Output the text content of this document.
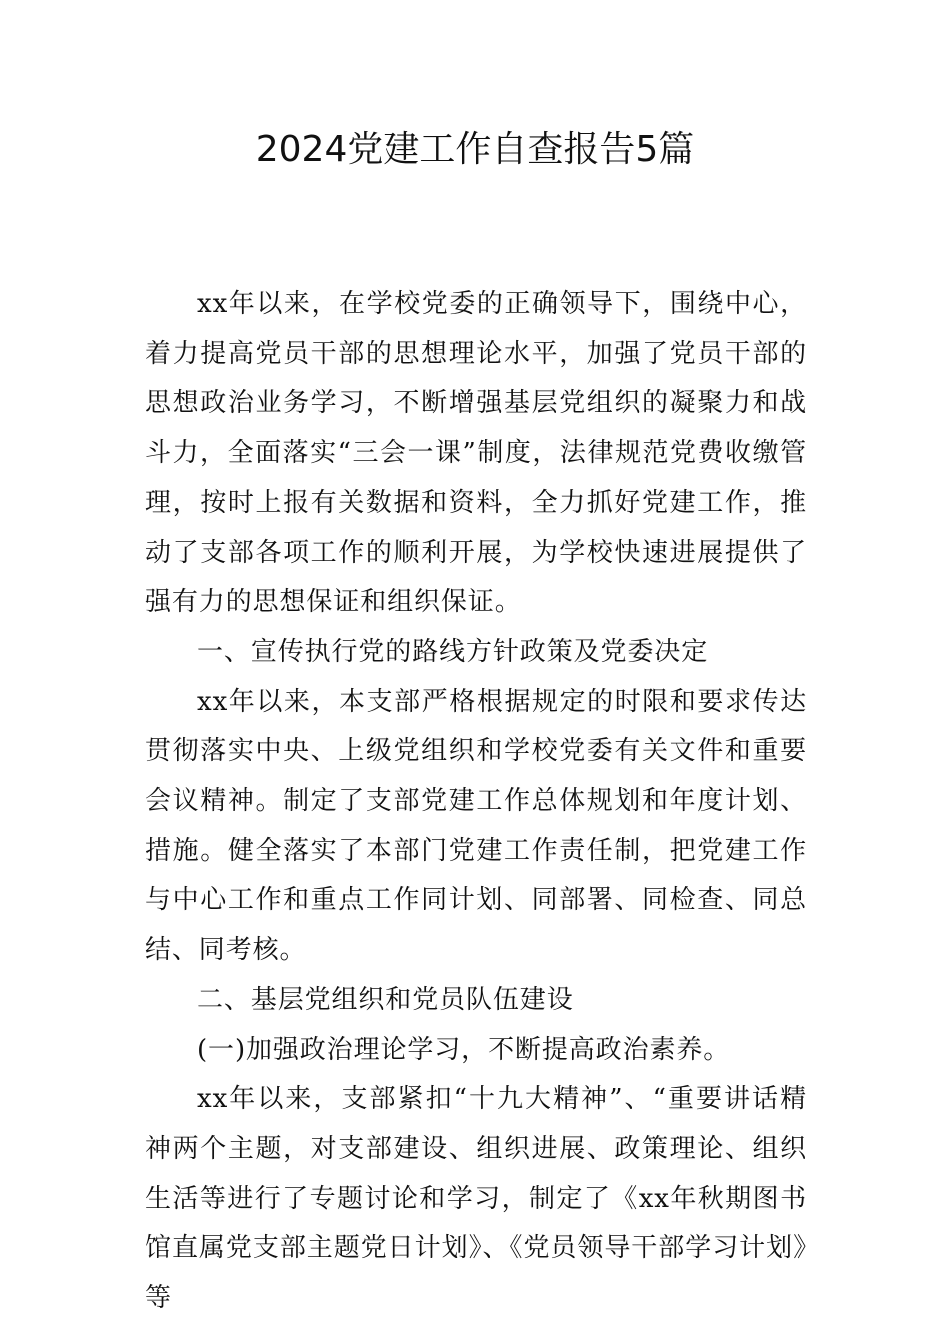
2024党建工作自查报告5篇

xx年以来，在学校党委的正确领导下，围绕中心，着力提高党员干部的思想理论水平，加强了党员干部的思想政治业务学习，不断增强基层党组织的凝聚力和战斗力，全面落实“三会一课”制度，法律规范党费收缴管理，按时上报有关数据和资料，全力抓好党建工作，推动了支部各项工作的顺利开展，为学校快速进展提供了强有力的思想保证和组织保证。

一、宣传执行党的路线方针政策及党委决定

xx年以来，本支部严格根据规定的时限和要求传达贯彻落实中央、上级党组织和学校党委有关文件和重要会议精神。制定了支部党建工作总体规划和年度计划、措施。健全落实了本部门党建工作责任制，把党建工作与中心工作和重点工作同计划、同部署、同检查、同总结、同考核。

二、基层党组织和党员队伍建设

(一)加强政治理论学习，不断提高政治素养。

xx年以来，支部紧扣“十九大精神”、“重要讲话精神两个主题，对支部建设、组织进展、政策理论、组织生活等进行了专题讨论和学习，制定了《xx年秋期图书馆直属党支部主题党日计划》、《党员领导干部学习计划》等
